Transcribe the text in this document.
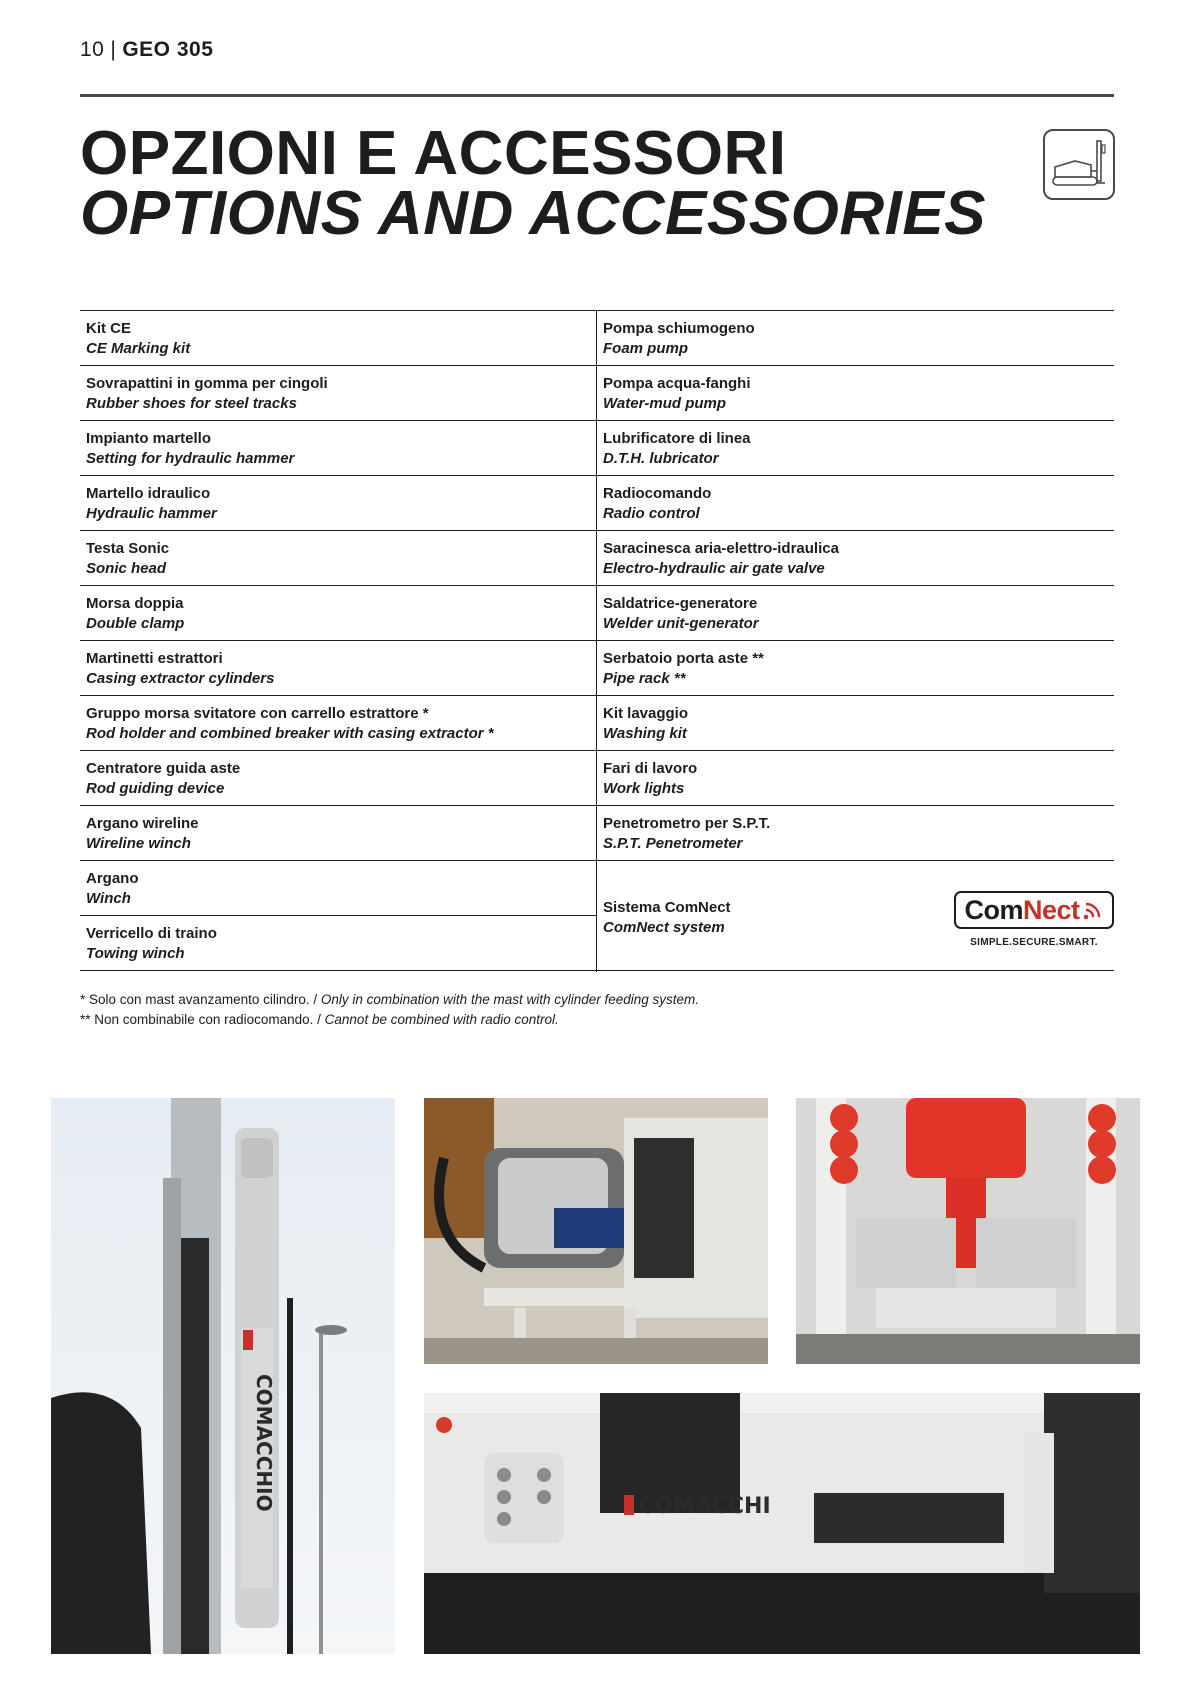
10 | GEO 305
OPZIONI E ACCESSORI
OPTIONS AND ACCESSORIES
Kit CE
CE Marking kit
Sovrapattini in gomma per cingoli
Rubber shoes for steel tracks
Impianto martello
Setting for hydraulic hammer
Martello idraulico
Hydraulic hammer
Testa Sonic
Sonic head
Morsa doppia
Double clamp
Martinetti estrattori
Casing extractor cylinders
Gruppo morsa svitatore con carrello estrattore *
Rod holder and combined breaker with casing extractor *
Centratore guida aste
Rod guiding device
Argano wireline
Wireline winch
Argano
Winch
Verricello di traino
Towing winch
Pompa schiumogeno
Foam pump
Pompa acqua-fanghi
Water-mud pump
Lubrificatore di linea
D.T.H. lubricator
Radiocomando
Radio control
Saracinesca aria-elettro-idraulica
Electro-hydraulic air gate valve
Saldatrice-generatore
Welder unit-generator
Serbatoio porta aste **
Pipe rack **
Kit lavaggio
Washing kit
Fari di lavoro
Work lights
Penetrometro per S.P.T.
S.P.T. Penetrometer
Sistema ComNect
ComNect system
Com Nect
SIMPLE.SECURE.SMART.
* Solo con mast avanzamento cilindro. / Only in combination with the mast with cylinder feeding system.
** Non combinabile con radiocomando. / Cannot be combined with radio control.
COMACCHIO	COMACCHI
